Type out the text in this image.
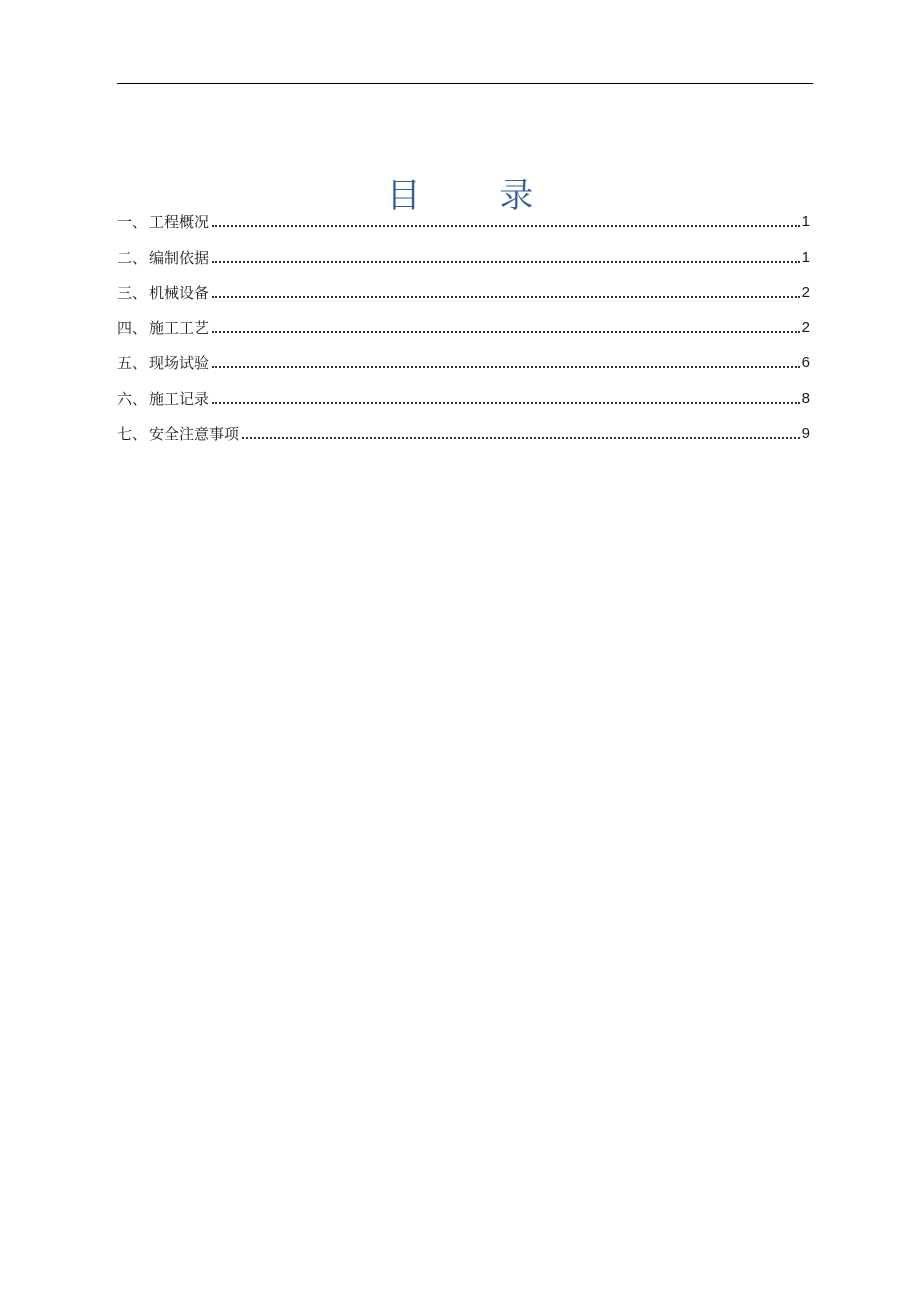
目 录
一、 工程概况	1
二、 编制依据	1
三、 机械设备	2
四、 施工工艺	2
五、 现场试验	6
六、 施工记录	8
七、 安全注意事项	9
